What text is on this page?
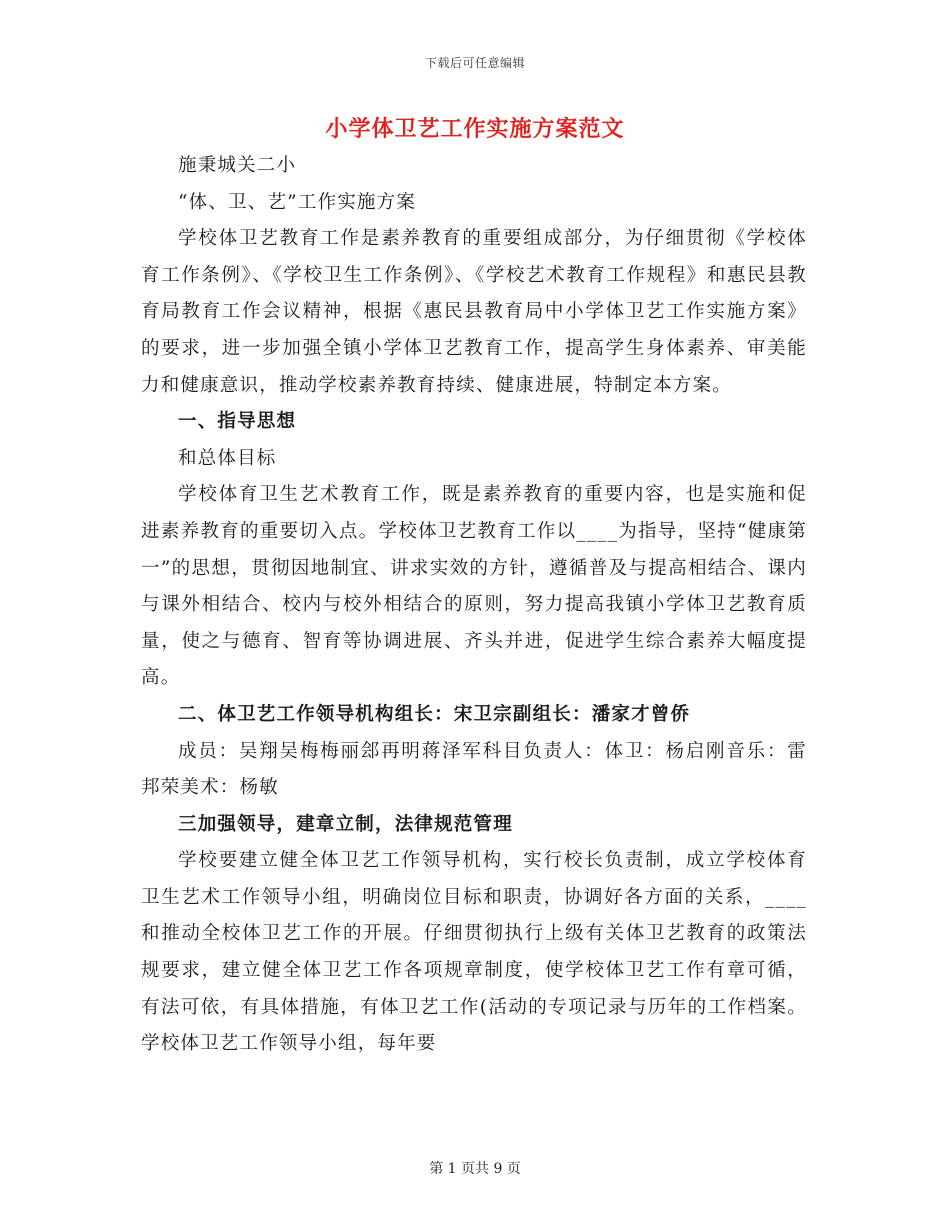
下载后可任意编辑
小学体卫艺工作实施方案范文

施秉城关二小

“体、卫、艺”工作实施方案

学校体卫艺教育工作是素养教育的重要组成部分，为仔细贯彻《学校体育工作条例》、《学校卫生工作条例》、《学校艺术教育工作规程》和惠民县教育局教育工作会议精神，根据《惠民县教育局中小学体卫艺工作实施方案》的要求，进一步加强全镇小学体卫艺教育工作，提高学生身体素养、审美能力和健康意识，推动学校素养教育持续、健康进展，特制定本方案。

一、指导思想

和总体目标

学校体育卫生艺术教育工作，既是素养教育的重要内容，也是实施和促进素养教育的重要切入点。学校体卫艺教育工作以____为指导，坚持“健康第一”的思想，贯彻因地制宜、讲求实效的方针，遵循普及与提高相结合、课内与课外相结合、校内与校外相结合的原则，努力提高我镇小学体卫艺教育质量，使之与德育、智育等协调进展、齐头并进，促进学生综合素养大幅度提高。

二、体卫艺工作领导机构组长：宋卫宗副组长：潘家才曾侨

成员：吴翔吴梅梅丽郐再明蒋泽军科目负责人：体卫：杨启刚音乐：雷邦荣美术：杨敏

三加强领导，建章立制，法律规范管理

学校要建立健全体卫艺工作领导机构，实行校长负责制，成立学校体育卫生艺术工作领导小组，明确岗位目标和职责，协调好各方面的关系，____和推动全校体卫艺工作的开展。仔细贯彻执行上级有关体卫艺教育的政策法规要求，建立健全体卫艺工作各项规章制度，使学校体卫艺工作有章可循，有法可依，有具体措施，有体卫艺工作(活动的专项记录与历年的工作档案。学校体卫艺工作领导小组，每年要

第 1 页共 9 页
